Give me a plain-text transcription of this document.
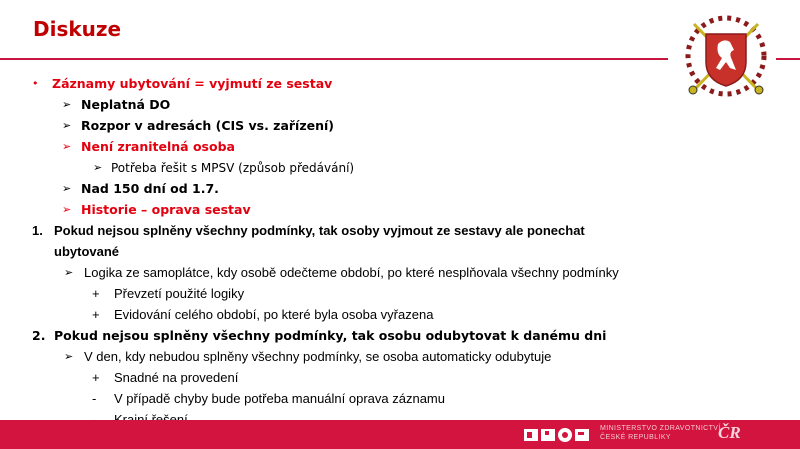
Diskuze
• Záznamy ubytování = vyjmutí ze sestav
➢ Neplatná DO
➢ Rozpor v adresách (CIS vs. zařízení)
➢ Není zranitelná osoba
➢ Potřeba řešit s MPSV (způsob předávání)
➢ Nad 150 dní od 1.7.
➢ Historie – oprava sestav
1. Pokud nejsou splněny všechny podmínky, tak osoby vyjmout ze sestavy ale ponechat
ubytované
➢ Logika ze samoplátce, kdy osobě odečteme období, po které nesplňovala všechny podmínky
+ Převzetí použité logiky
+ Evidování celého období, po které byla osoba vyřazena
2. Pokud nejsou splněny všechny podmínky, tak osobu odubytovat k danému dni
➢ V den, kdy nebudou splněny všechny podmínky, se osoba automaticky odubytuje
+ Snadné na provedení
- V případě chyby bude potřeba manuální oprava záznamu
MINISTERSTVO ZDRAVOTNICTVÍ
ČESKÉ REPUBLIKY	ČR
